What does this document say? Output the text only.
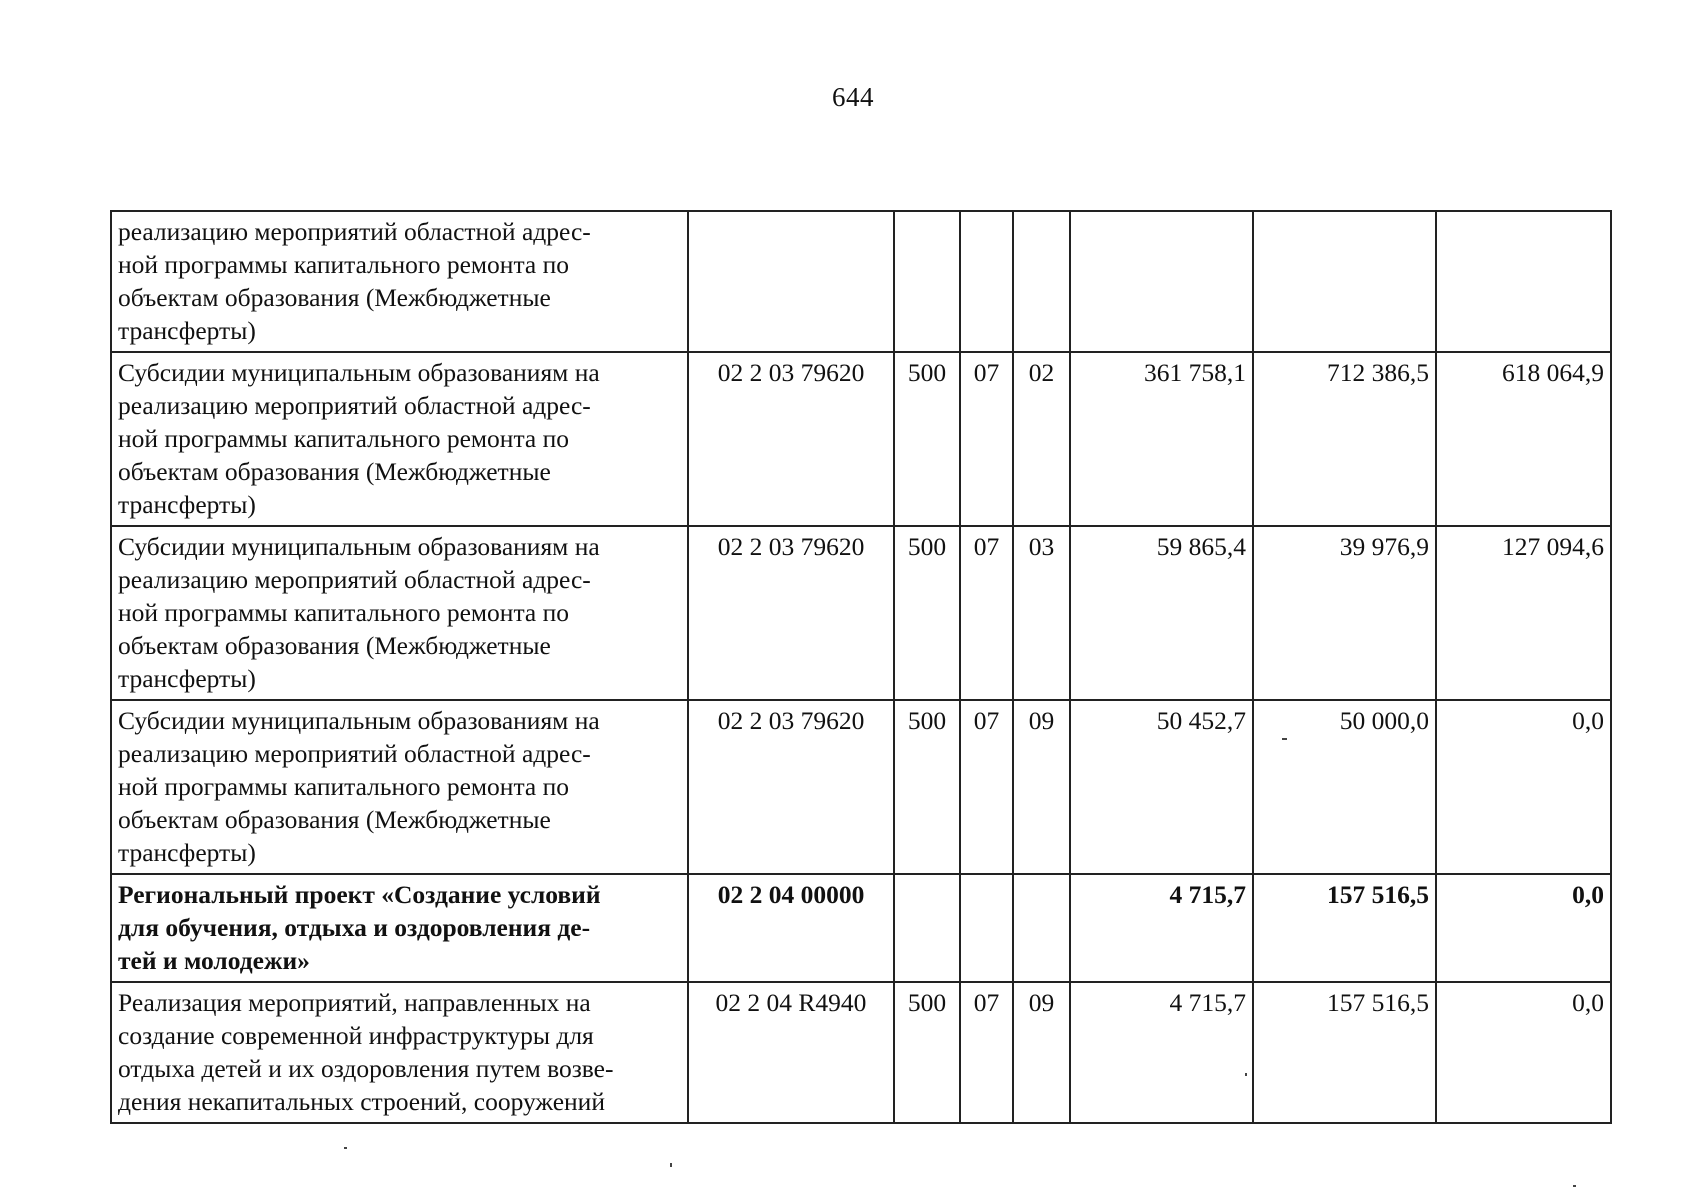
644
реализацию мероприятий областной адрес-
ной программы капитального ремонта по
объектам образования (Межбюджетные
трансферты)							
Субсидии муниципальным образованиям на
реализацию мероприятий областной адрес-
ной программы капитального ремонта по
объектам образования (Межбюджетные
трансферты)	02 2 03 79620	500	07	02	361 758,1	712 386,5	618 064,9
Субсидии муниципальным образованиям на
реализацию мероприятий областной адрес-
ной программы капитального ремонта по
объектам образования (Межбюджетные
трансферты)	02 2 03 79620	500	07	03	59 865,4	39 976,9	127 094,6
Субсидии муниципальным образованиям на
реализацию мероприятий областной адрес-
ной программы капитального ремонта по
объектам образования (Межбюджетные
трансферты)	02 2 03 79620	500	07	09	50 452,7	50 000,0	0,0
Региональный проект «Создание условий
для обучения, отдыха и оздоровления де-
тей и молодежи»	02 2 04 00000				4 715,7	157 516,5	0,0
Реализация мероприятий, направленных на
создание современной инфраструктуры для
отдыха детей и их оздоровления путем возве-
дения некапитальных строений, сооружений	02 2 04 R4940	500	07	09	4 715,7	157 516,5	0,0
